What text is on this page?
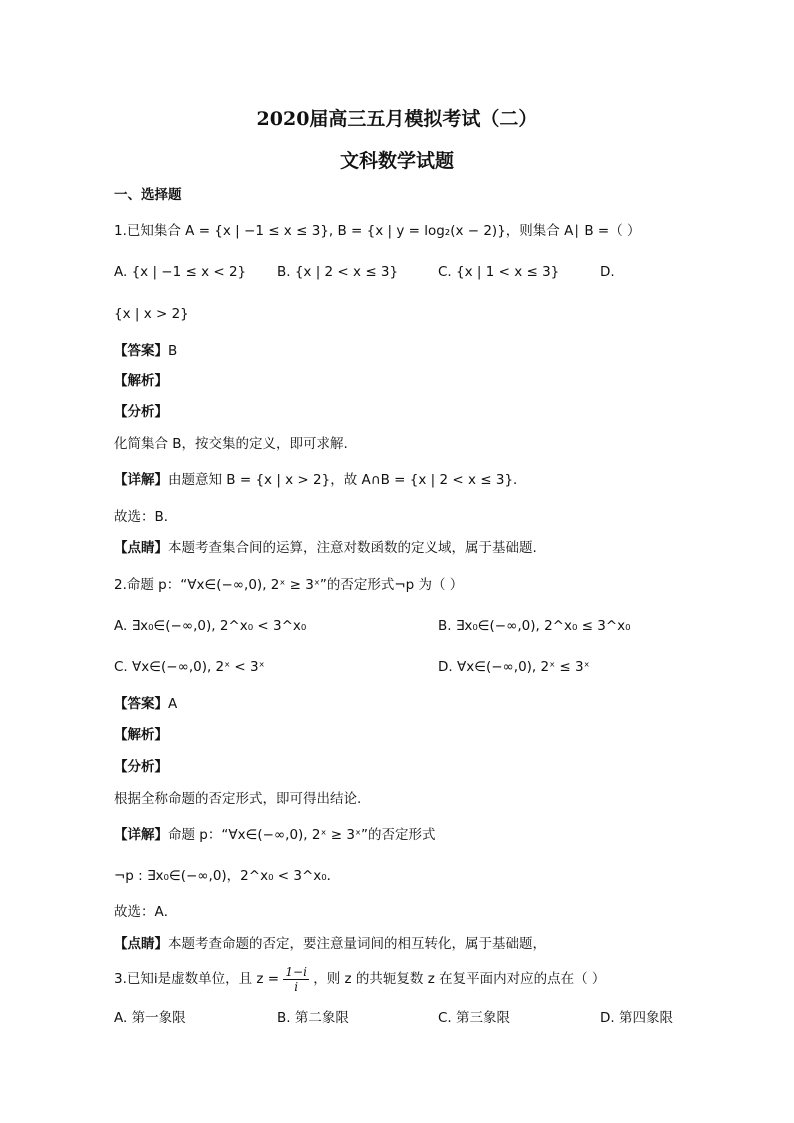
2020届高三五月模拟考试（二）
文科数学试题
一、选择题
1.已知集合 A = {x | −1 ≤ x ≤ 3}, B = {x | y = log₂(x − 2)}，则集合 A∣ B =（ ）
A. {x | −1 ≤ x < 2} B. {x | 2 < x ≤ 3}	C. {x | 1 < x ≤ 3}	D.
{x | x > 2}
【答案】B
【解析】
【分析】
化简集合 B，按交集的定义，即可求解.
【详解】由题意知 B = {x | x > 2}，故 A∩B = {x | 2 < x ≤ 3}．
故选：B．
【点睛】本题考查集合间的运算，注意对数函数的定义域，属于基础题.
2.命题 p：“∀x∈(−∞,0), 2ˣ ≥ 3ˣ”的否定形式¬p 为（ ）
A. ∃x₀∈(−∞,0), 2^x₀ < 3^x₀	B. ∃x₀∈(−∞,0), 2^x₀ ≤ 3^x₀
C. ∀x∈(−∞,0), 2ˣ < 3ˣ	D. ∀x∈(−∞,0), 2ˣ ≤ 3ˣ
【答案】A
【解析】
【分析】
根据全称命题的否定形式，即可得出结论.
【详解】命题 p：“∀x∈(−∞,0), 2ˣ ≥ 3ˣ”的否定形式
¬p : ∃x₀∈(−∞,0)，2^x₀ < 3^x₀．
故选：A．
【点睛】本题考查命题的否定，要注意量词间的相互转化，属于基础题，
3.已知i是虚数单位，且 $z = \frac{1-i}{i}$ ，则 z 的共轭复数 z 在复平面内对应的点在（ ）
A. 第一象限	B. 第二象限	C. 第三象限	D. 第四象限
